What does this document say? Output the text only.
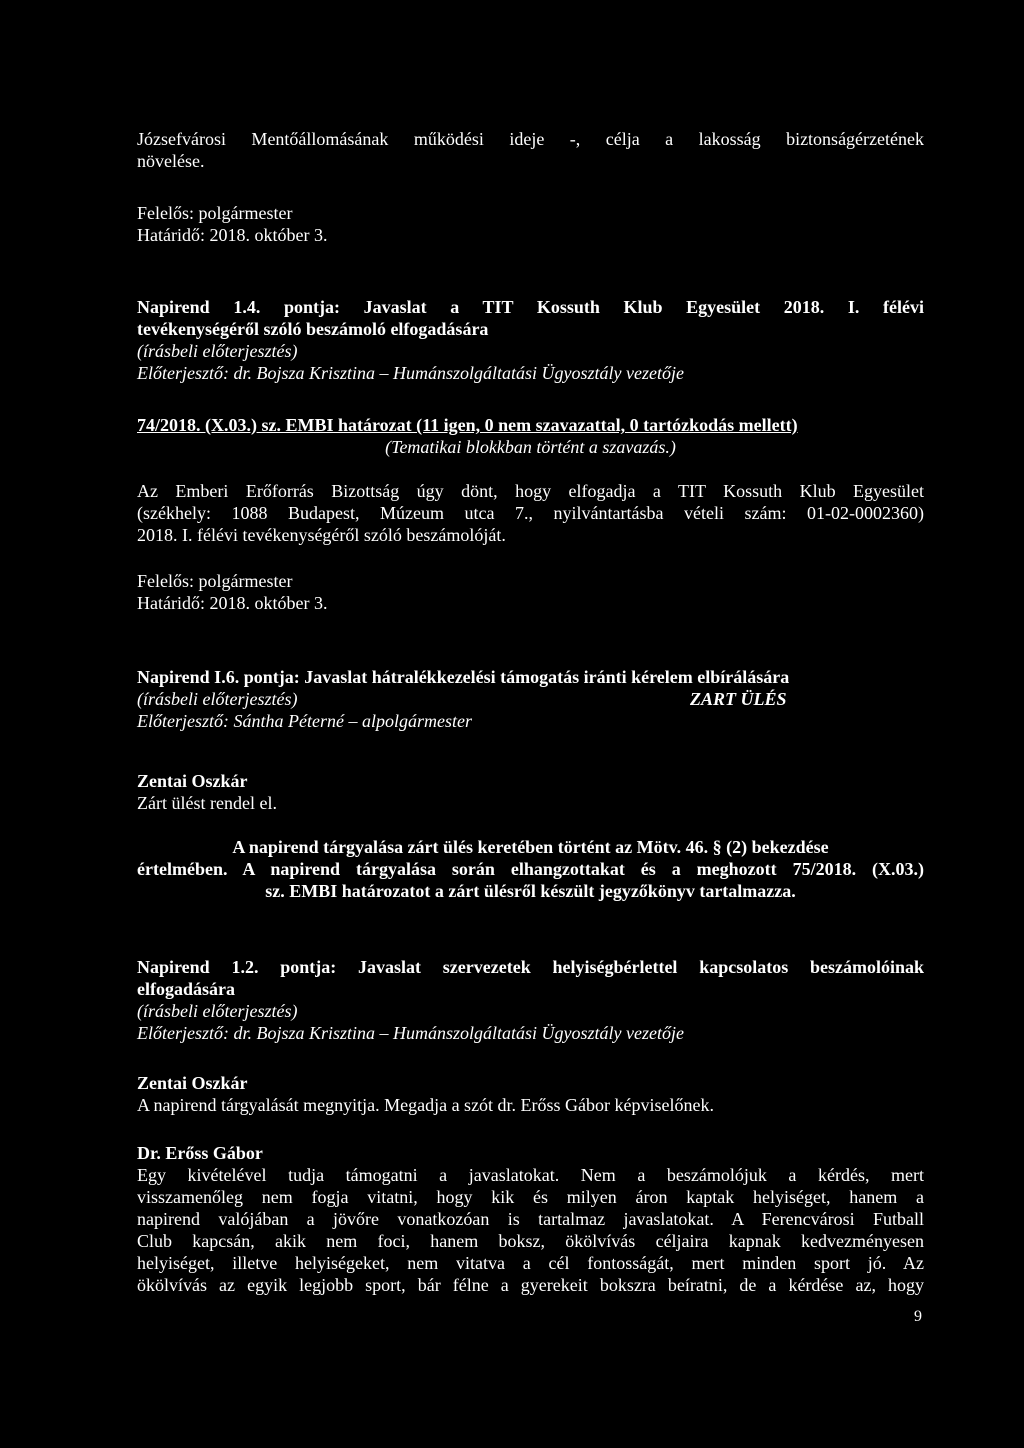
Józsefvárosi Mentőállomásának működési ideje -, célja a lakosság biztonságérzetének
növelése.

Felelős: polgármester
Határidő: 2018. október 3.

Napirend 1.4. pontja: Javaslat a TIT Kossuth Klub Egyesület 2018. I. félévi
tevékenységéről szóló beszámoló elfogadására
(írásbeli előterjesztés)
Előterjesztő: dr. Bojsza Krisztina – Humánszolgáltatási Ügyosztály vezetője

74/2018. (X.03.) sz. EMBI határozat (11 igen, 0 nem szavazattal, 0 tartózkodás mellett)
(Tematikai blokkban történt a szavazás.)

Az Emberi Erőforrás Bizottság úgy dönt, hogy elfogadja a TIT Kossuth Klub Egyesület
(székhely: 1088 Budapest, Múzeum utca 7., nyilvántartásba vételi szám: 01-02-0002360)
2018. I. félévi tevékenységéről szóló beszámolóját.

Felelős: polgármester
Határidő: 2018. október 3.

Napirend I.6. pontja: Javaslat hátralékkezelési támogatás iránti kérelem elbírálására
(írásbeli előterjesztés)	ZART ÜLÉS
Előterjesztő: Sántha Péterné – alpolgármester

Zentai Oszkár
Zárt ülést rendel el.

A napirend tárgyalása zárt ülés keretében történt az Mötv. 46. § (2) bekezdése
értelmében. A napirend tárgyalása során elhangzottakat és a meghozott 75/2018. (X.03.)
sz. EMBI határozatot a zárt ülésről készült jegyzőkönyv tartalmazza.

Napirend 1.2. pontja: Javaslat szervezetek helyiségbérlettel kapcsolatos beszámolóinak
elfogadására
(írásbeli előterjesztés)
Előterjesztő: dr. Bojsza Krisztina – Humánszolgáltatási Ügyosztály vezetője

Zentai Oszkár
A napirend tárgyalását megnyitja. Megadja a szót dr. Erőss Gábor képviselőnek.

Dr. Erőss Gábor
Egy kivételével tudja támogatni a javaslatokat. Nem a beszámolójuk a kérdés, mert
visszamenőleg nem fogja vitatni, hogy kik és milyen áron kaptak helyiséget, hanem a
napirend valójában a jövőre vonatkozóan is tartalmaz javaslatokat. A Ferencvárosi Futball
Club kapcsán, akik nem foci, hanem boksz, ökölvívás céljaira kapnak kedvezményesen
helyiséget, illetve helyiségeket, nem vitatva a cél fontosságát, mert minden sport jó. Az
ökölvívás az egyik legjobb sport, bár félne a gyerekeit bokszra beíratni, de a kérdése az, hogy

9
